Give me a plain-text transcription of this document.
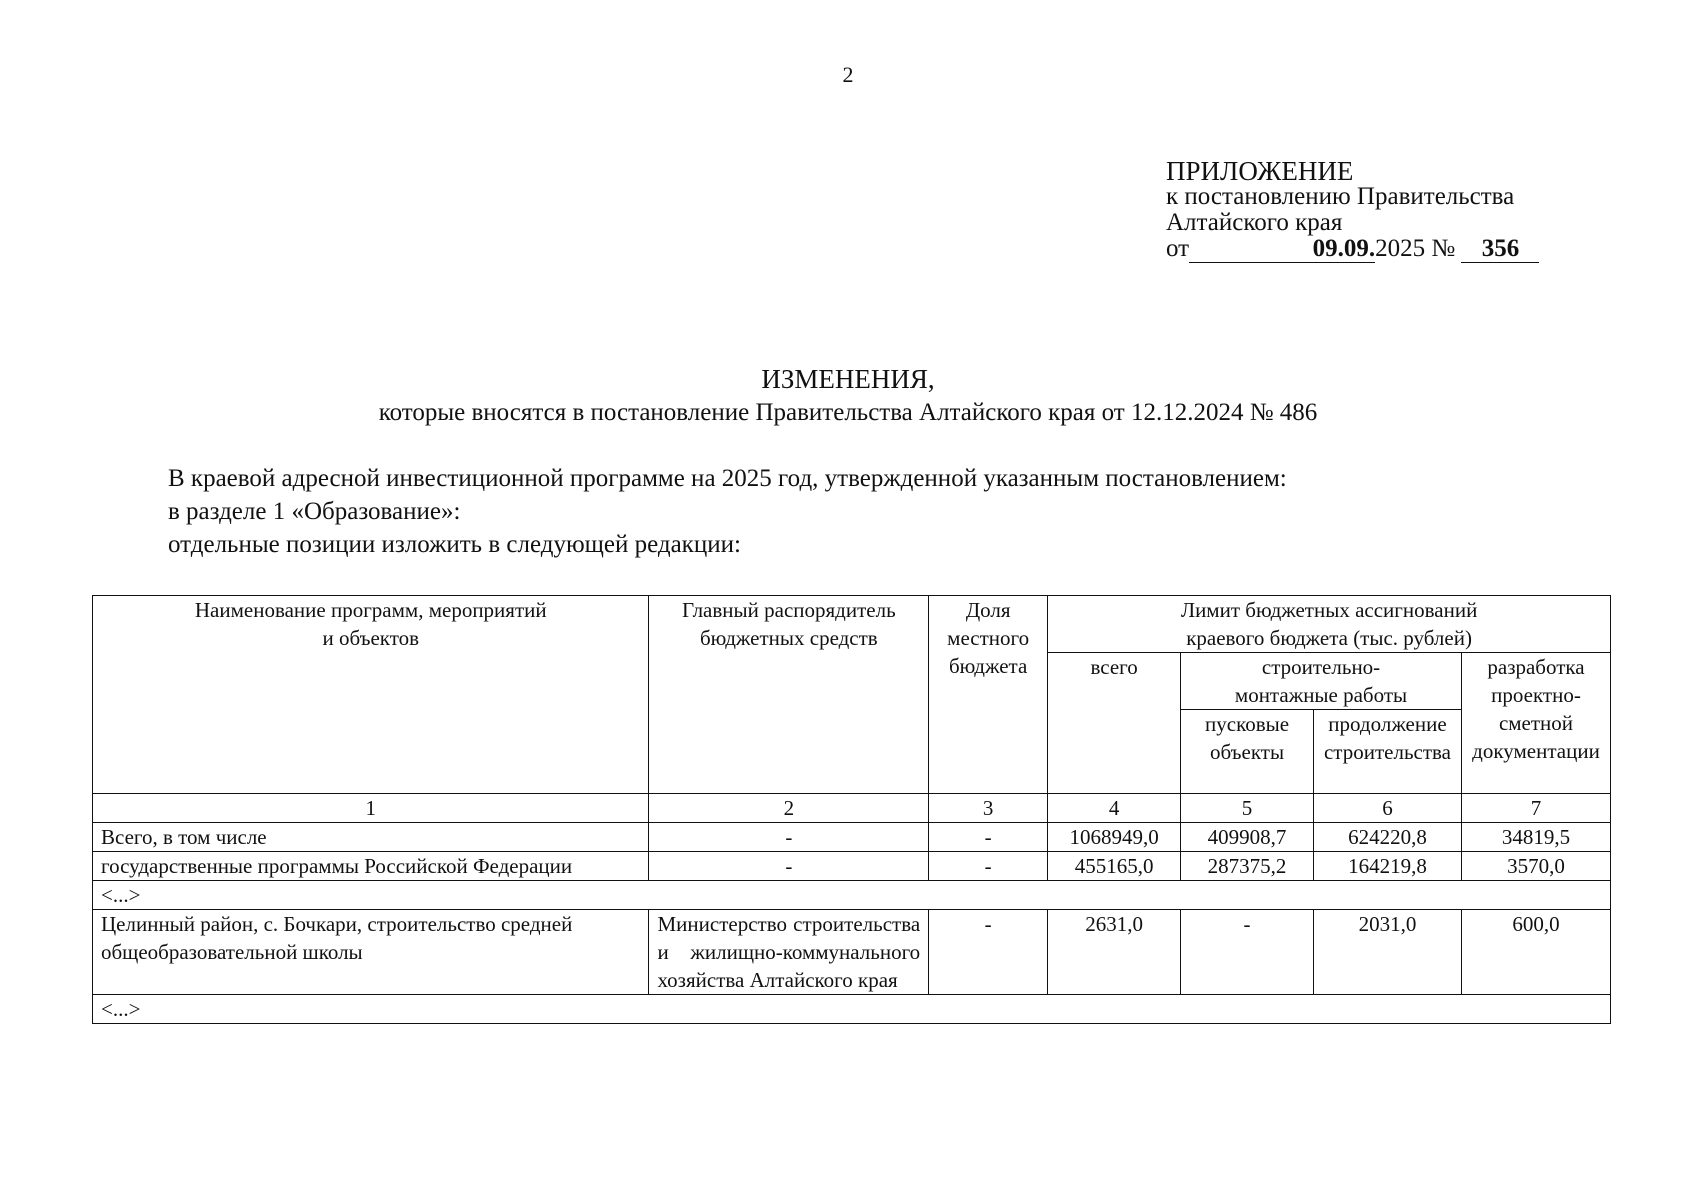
2
ПРИЛОЖЕНИЕ
к постановлению Правительства
Алтайского края
от	09.09.2025 № 356
ИЗМЕНЕНИЯ,
которые вносятся в постановление Правительства Алтайского края от 12.12.2024 № 486
В краевой адресной инвестиционной программе на 2025 год, утвержденной указанным постановлением:
в разделе 1 «Образование»:
отдельные позиции изложить в следующей редакции:
Наименование программ, мероприятий и объектов	Главный распорядитель бюджетных средств	Доля местного бюджета	Лимит бюджетных ассигнований краевого бюджета (тыс. рублей)			
			всего	строительно-монтажные работы		разработка проектно-сметной документации
				пусковые объекты	продолжение строительства	
1	2	3	4	5	6	7
Всего, в том числе	-	-	1068949,0	409908,7	624220,8	34819,5
государственные программы Российской Федерации	-	-	455165,0	287375,2	164219,8	3570,0
<...>						
Целинный район, с. Бочкари, строительство средней общеобразовательной школы	Министерство строительства и жилищно-коммунального хозяйства Алтайского края	-	2631,0	-	2031,0	600,0
<...>						
